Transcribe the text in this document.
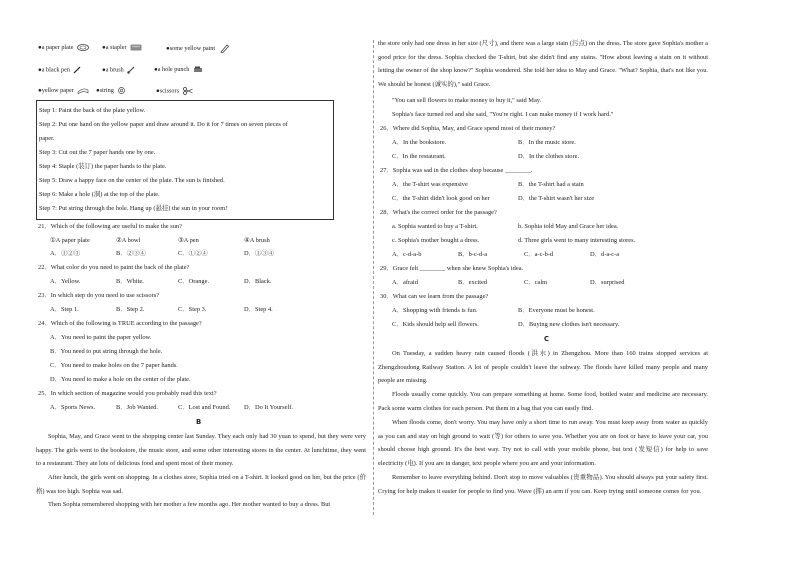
●a paper plate	●a stapler	●some yellow paint
●a black pen	●a brush	●a hole punch
●yellow paper	●string	●scissors
Step 1: Paint the back of the plate yellow.
Step 2: Put one hand on the yellow paper and draw around it. Do it for 7 times on seven pieces of
paper.
Step 3: Cut out the 7 paper hands one by one.
Step 4: Staple (装订) the paper hands to the plate.
Step 5: Draw a happy face on the center of the plate. The sun is finished.
Step 6: Make a hole (洞) at the top of the plate.
Step 7: Put string through the hole. Hang up (悬挂) the sun in your room!
21．Which of the following are useful to make the sun?
①A paper plate	②A bowl	③A pen	④A brush
A．①②③	B．②③④	C．①②④	D．①③④
22．What color do you need to paint the back of the plate?
A．Yellow.	B．White.	C．Orange.	D．Black.
23．In which step do you need to use scissors?
A．Step 1.	B．Step 2.	C．Step 3.	D．Step 4.
24．Which of the following is TRUE according to the passage?
A．You need to paint the paper yellow.
B．You need to put string through the hole.
C．You need to make holes on the 7 paper hands.
D．You need to make a hole on the center of the plate.
25．In which section of magazine would you probably read this text?
A．Sports News.	B．Job Wanted.	C．Lost and Found. D．Do It Yourself.
B
Sophia, May, and Grace went to the shopping center last Sunday. They each only had 30 yuan to spend, but they were very happy. The girls went to the bookstore, the music store, and some other interesting stores in the center. At lunchtime, they went to a restaurant. They ate lots of delicious food and spent most of their money.
After lunch, the girls went on shopping. In a clothes store, Sophia tried on a T-shirt. It looked good on her, but the price (价格) was too high. Sophia was sad.
Then Sophia remembered shopping with her mother a few months ago. Her mother wanted to buy a dress. But
the store only had one dress in her size (尺寸), and there was a large stain (污点) on the dress. The store gave Sophia's mother a good price for the dress. Sophia checked the T-shirt, but she didn't find any stains. "How about leaving a stain on it without letting the owner of the shop know?" Sophia wondered. She told her idea to May and Grace. "What? Sophia, that's not like you. We should be honest (诚实的)," said Grace.
"You can sell flowers to make money to buy it," said May.
Sophia's face turned red and she said, "You're right. I can make money if I work hard."
26．Where did Sophia, May, and Grace spend most of their money?
A．In the bookstore.	B．In the music store.
C．In the restaurant.	D．In the clothes store.
27．Sophia was sad in the clothes shop because ________.
A．the T-shirt was expensive	B．the T-shirt had a stain
C．the T-shirt didn't look good on her	D．the T-shirt wasn't her size
28．What's the correct order for the passage?
a. Sophia wanted to buy a T-shirt.	b. Sophia told May and Grace her idea.
c. Sophia's mother bought a dress.	d. Three girls went to many interesting stores.
A．c-d-a-b	B．b-c-d-a	C．a-c-b-d	D．d-a-c-a
29．Grace felt ________ when she knew Sophia's idea.
A．afraid	B．excited	C．calm	D．surprised
30．What can we learn from the passage?
A．Shopping with friends is fun.	B．Everyone must be honest.
C．Kids should help sell flowers.	D．Buying new clothes isn't necessary.
C
On Tuesday, a sudden heavy rain caused floods (洪水) in Zhengzhou. More than 160 trains stopped services at Zhengzhoudong Railway Station. A lot of people couldn't leave the subway. The floods have killed many people and many people are missing.
Floods usually come quickly. You can prepare something at home. Some food, bottled water and medicine are necessary. Pack some warm clothes for each person. Put them in a bag that you can easily find.
When floods come, don't worry. You may have only a short time to run away. You must keep away from water as quickly as you can and stay on high ground to wait (等) for others to save you. Whether you are on foot or have to leave your car, you should choose high ground. It's the best way. Try not to call with your mobile phone, but text (发短信) for help to save electricity (电). If you are in danger, text people where you are and your information.
Remember to leave everything behind. Don't stop to move valuables (贵重物品). You should always put your safety first. Crying for help makes it easier for people to find you. Wave (挥) an arm if you can. Keep trying until someone comes for you.
